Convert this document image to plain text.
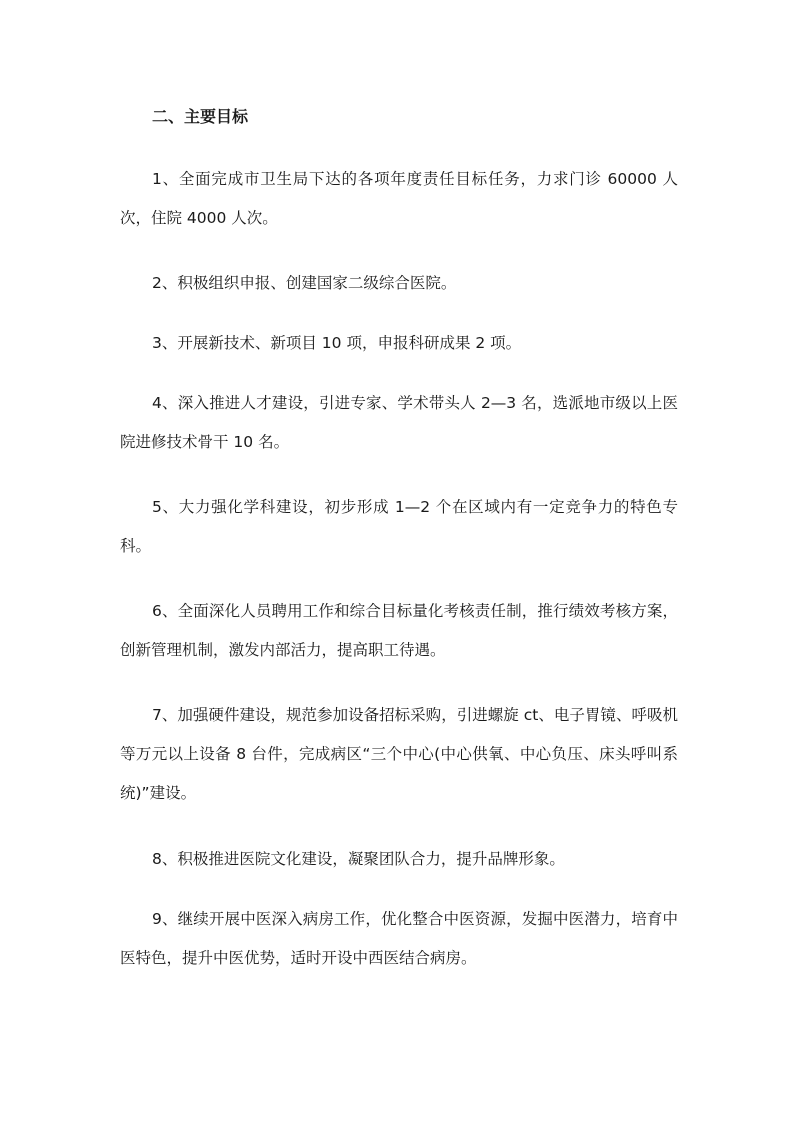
二、主要目标

1、全面完成市卫生局下达的各项年度责任目标任务，力求门诊 60000 人次，住院 4000 人次。

2、积极组织申报、创建国家二级综合医院。

3、开展新技术、新项目 10 项，申报科研成果 2 项。

4、深入推进人才建设，引进专家、学术带头人 2—3 名，选派地市级以上医院进修技术骨干 10 名。

5、大力强化学科建设，初步形成 1—2 个在区域内有一定竞争力的特色专科。

6、全面深化人员聘用工作和综合目标量化考核责任制，推行绩效考核方案，创新管理机制，激发内部活力，提高职工待遇。

7、加强硬件建设，规范参加设备招标采购，引进螺旋 ct、电子胃镜、呼吸机等万元以上设备 8 台件，完成病区“三个中心(中心供氧、中心负压、床头呼叫系统)”建设。

8、积极推进医院文化建设，凝聚团队合力，提升品牌形象。

9、继续开展中医深入病房工作，优化整合中医资源，发掘中医潜力，培育中医特色，提升中医优势，适时开设中西医结合病房。
